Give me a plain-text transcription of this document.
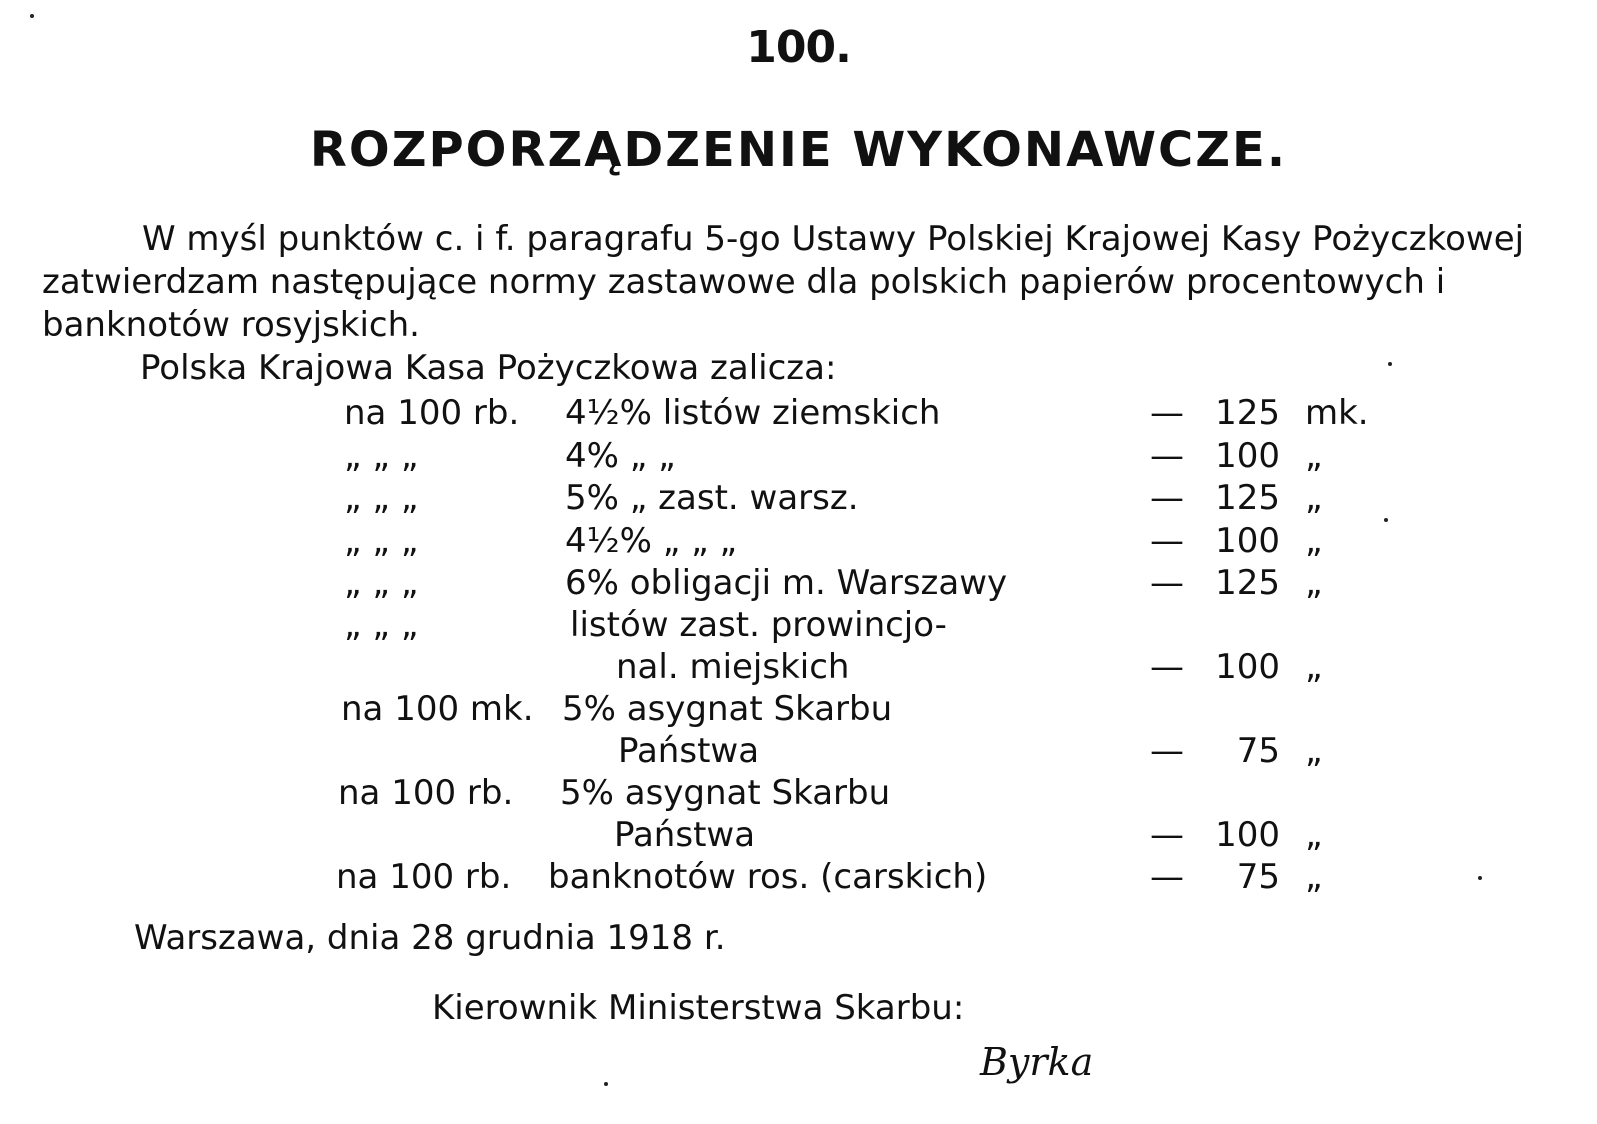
100.
ROZPORZĄDZENIE WYKONAWCZE.
W myśl punktów c. i f. paragrafu 5-go Ustawy Polskiej Krajowej Kasy Pożyczkowej zatwierdzam następujące normy zastawowe dla polskich papierów procentowych i banknotów rosyjskich.
Polska Krajowa Kasa Pożyczkowa zalicza:
na 100 rb. 4½% listów ziemskich	— 125 mk.
„ „ „	4% „ „	— 100 „
„ „ „	5% „ zast. warsz.	— 125 „
„ „ „	4½% „ „ „	— 100 „
„ „ „	6% obligacji m. Warszawy	— 125 „
„ „ „	listów zast. prowincjo-
nal. miejskich	— 100 „
na 100 mk. 5% asygnat Skarbu
Państwa	—	75 „
na 100 rb. 5% asygnat Skarbu
Państwa	— 100 „
na 100 rb. banknotów ros. (carskich)	—	75 „
Warszawa, dnia 28 grudnia 1918 r.
Kierownik Ministerstwa Skarbu:
Byrka
